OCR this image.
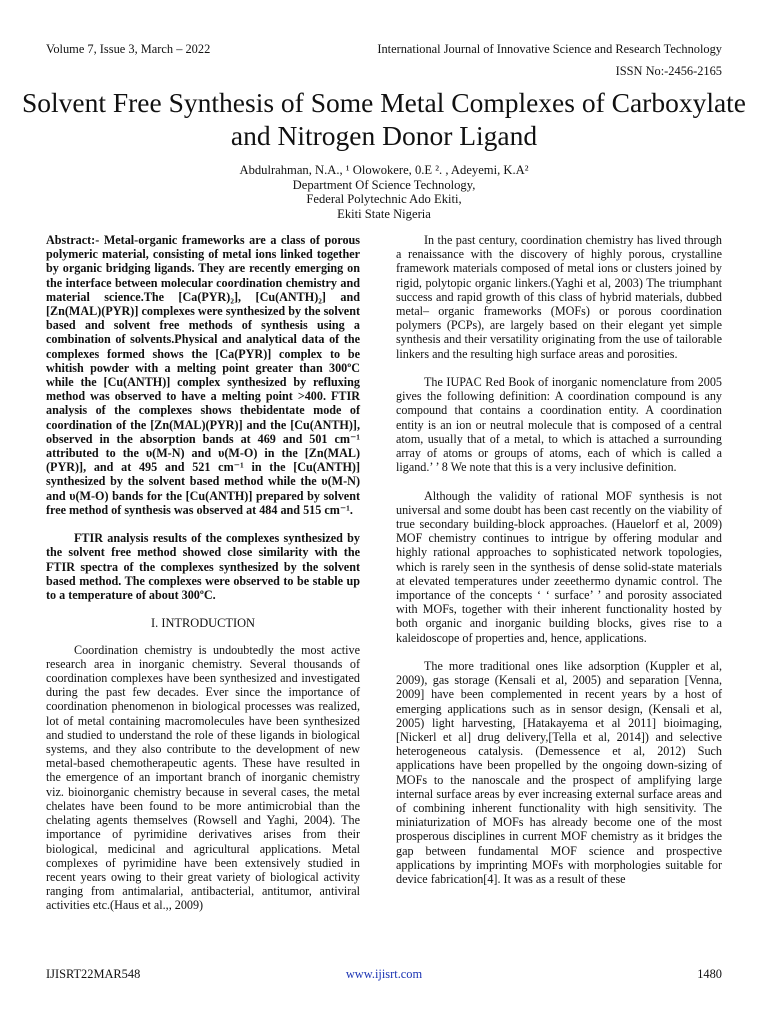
Volume 7, Issue 3, March – 2022	International Journal of Innovative Science and Research Technology
ISSN No:-2456-2165
Solvent Free Synthesis of Some Metal Complexes of Carboxylate and Nitrogen Donor Ligand
Abdulrahman, N.A., ¹ Olowokere, 0.E ². , Adeyemi, K.A²
Department Of Science Technology,
Federal Polytechnic Ado Ekiti,
Ekiti State Nigeria

Abstract:- Metal-organic frameworks are a class of porous polymeric material, consisting of metal ions linked together by organic bridging ligands. They are recently emerging on the interface between molecular coordination chemistry and material science.The [Ca(PYR)₂], [Cu(ANTH)₂] and [Zn(MAL)(PYR)] complexes were synthesized by the solvent based and solvent free methods of synthesis using a combination of solvents.Physical and analytical data of the complexes formed shows the [Ca(PYR)] complex to be whitish powder with a melting point greater than 300ºC while the [Cu(ANTH)] complex synthesized by refluxing method was observed to have a melting point >400. FTIR analysis of the complexes shows thebidentate mode of coordination of the [Zn(MAL)(PYR)] and the [Cu(ANTH)], observed in the absorption bands at 469 and 501 cm⁻¹ attributed to the υ(M-N) and υ(M-O) in the [Zn(MAL)(PYR)], and at 495 and 521 cm⁻¹ in the [Cu(ANTH)] synthesized by the solvent based method while the υ(M-N) and υ(M-O) bands for the [Cu(ANTH)] prepared by solvent free method of synthesis was observed at 484 and 515 cm⁻¹.

FTIR analysis results of the complexes synthesized by the solvent free method showed close similarity with the FTIR spectra of the complexes synthesized by the solvent based method. The complexes were observed to be stable up to a temperature of about 300ºC.

I. INTRODUCTION

Coordination chemistry is undoubtedly the most active research area in inorganic chemistry. Several thousands of coordination complexes have been synthesized and investigated during the past few decades. Ever since the importance of coordination phenomenon in biological processes was realized, lot of metal containing macromolecules have been synthesized and studied to understand the role of these ligands in biological systems, and they also contribute to the development of new metal-based chemotherapeutic agents. These have resulted in the emergence of an important branch of inorganic chemistry viz. bioinorganic chemistry because in several cases, the metal chelates have been found to be more antimicrobial than the chelating agents themselves (Rowsell and Yaghi, 2004). The importance of pyrimidine derivatives arises from their biological, medicinal and agricultural applications. Metal complexes of pyrimidine have been extensively studied in recent years owing to their great variety of biological activity ranging from antimalarial, antibacterial, antitumor, antiviral activities etc.(Haus et al.,, 2009)

In the past century, coordination chemistry has lived through a renaissance with the discovery of highly porous, crystalline framework materials composed of metal ions or clusters joined by rigid, polytopic organic linkers.(Yaghi et al, 2003) The triumphant success and rapid growth of this class of hybrid materials, dubbed metal– organic frameworks (MOFs) or porous coordination polymers (PCPs), are largely based on their elegant yet simple synthesis and their versatility originating from the use of tailorable linkers and the resulting high surface areas and porosities.

The IUPAC Red Book of inorganic nomenclature from 2005 gives the following definition: A coordination compound is any compound that contains a coordination entity. A coordination entity is an ion or neutral molecule that is composed of a central atom, usually that of a metal, to which is attached a surrounding array of atoms or groups of atoms, each of which is called a ligand.’ ’ 8 We note that this is a very inclusive definition.

Although the validity of rational MOF synthesis is not universal and some doubt has been cast recently on the viability of true secondary building-block approaches. (Hauelorf et al, 2009) MOF chemistry continues to intrigue by offering modular and highly rational approaches to sophisticated network topologies, which is rarely seen in the synthesis of dense solid-state materials at elevated temperatures under zeeethermo dynamic control. The importance of the concepts ‘ ‘ surface’ ’ and porosity associated with MOFs, together with their inherent functionality hosted by both organic and inorganic building blocks, gives rise to a kaleidoscope of properties and, hence, applications.

The more traditional ones like adsorption (Kuppler et al, 2009), gas storage (Kensali et al, 2005) and separation [Venna, 2009] have been complemented in recent years by a host of emerging applications such as in sensor design, (Kensali et al, 2005) light harvesting, [Hatakayema et al 2011] bioimaging, [Nickerl et al] drug delivery,[Tella et al, 2014]) and selective heterogeneous catalysis. (Demessence et al, 2012) Such applications have been propelled by the ongoing down-sizing of MOFs to the nanoscale and the prospect of amplifying large internal surface areas by ever increasing external surface areas and of combining inherent functionality with high sensitivity. The miniaturization of MOFs has already become one of the most prosperous disciplines in current MOF chemistry as it bridges the gap between fundamental MOF science and prospective applications by imprinting MOFs with morphologies suitable for device fabrication[4]. It was as a result of these

IJISRT22MAR548	www.ijisrt.com	1480
